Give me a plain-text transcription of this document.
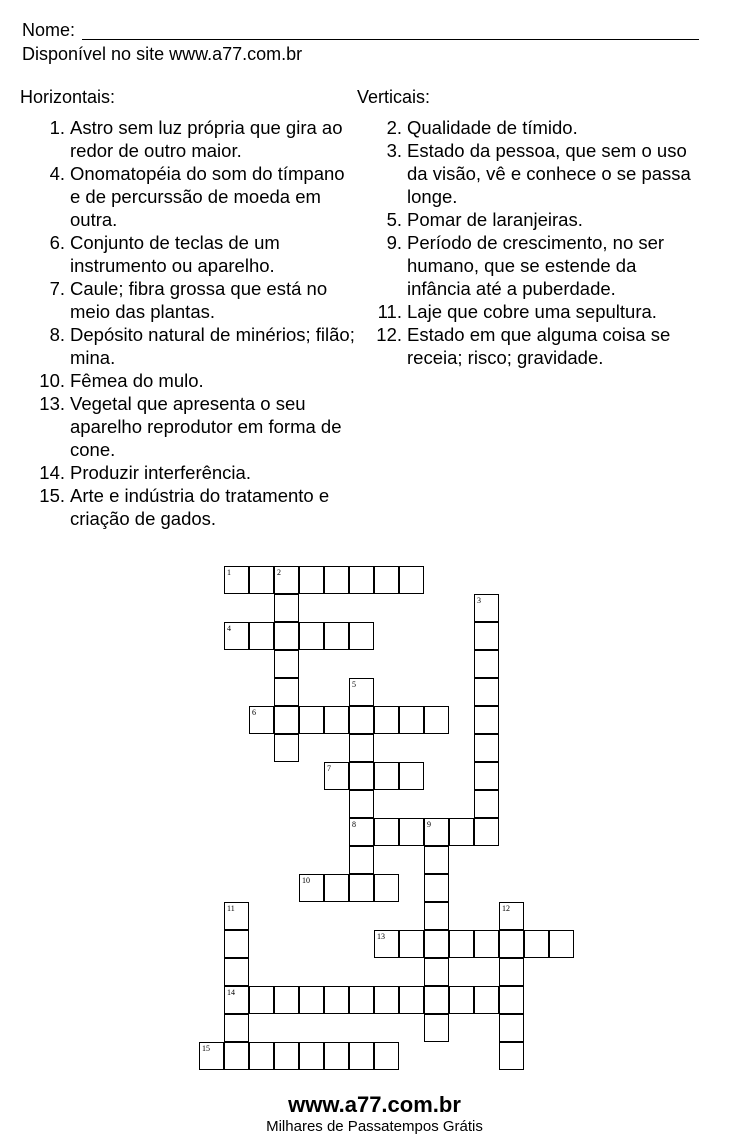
Nome:
Disponível no site www.a77.com.br
Horizontais:
1. Astro sem luz própria que gira ao redor de outro maior.
4. Onomatopéia do som do tímpano e de percurssão de moeda em outra.
6. Conjunto de teclas de um instrumento ou aparelho.
7. Caule; fibra grossa que está no meio das plantas.
8. Depósito natural de minérios; filão; mina.
10. Fêmea do mulo.
13. Vegetal que apresenta o seu aparelho reprodutor em forma de cone.
14. Produzir interferência.
15. Arte e indústria do tratamento e criação de gados.
Verticais:
2. Qualidade de tímido.
3. Estado da pessoa, que sem o uso da visão, vê e conhece o se passa longe.
5. Pomar de laranjeiras.
9. Período de crescimento, no ser humano, que se estende da infância até a puberdade.
11. Laje que cobre uma sepultura.
12. Estado em que alguma coisa se receia; risco; gravidade.
1	2
3
4
5
8
6
7
9
10
11
14
12
13
15
www.a77.com.br
Milhares de Passatempos Grátis
